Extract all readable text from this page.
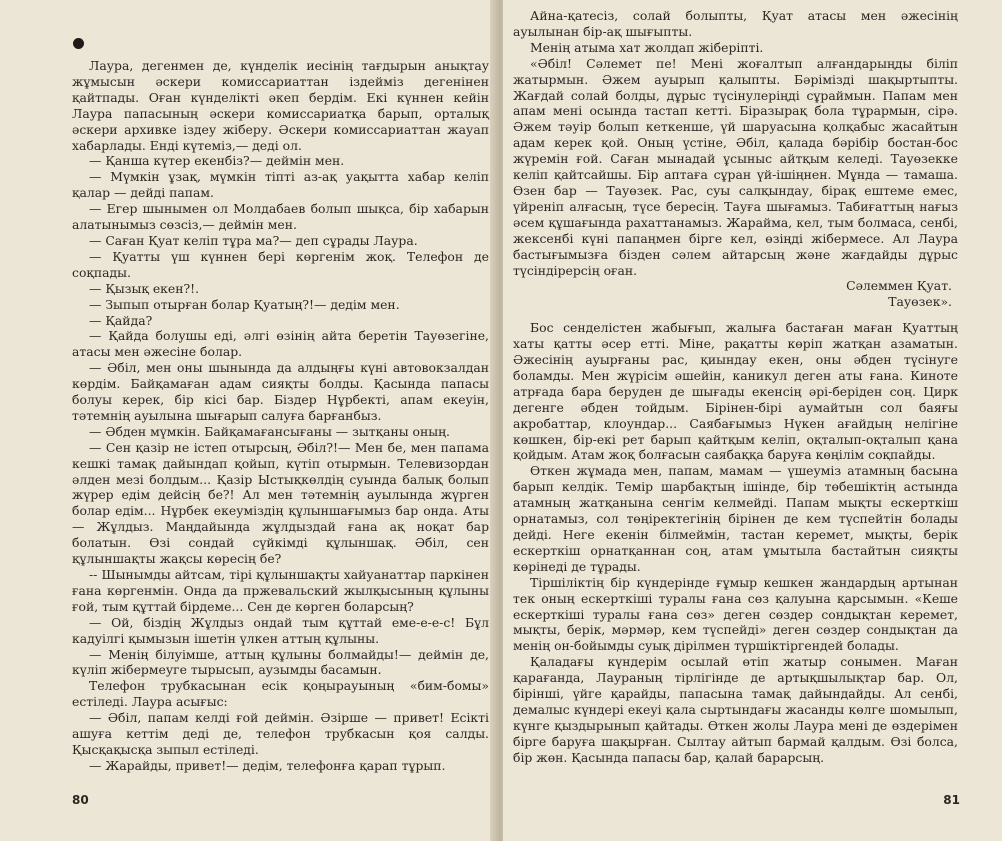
Лаура, дегенмен де, күнделік иесінің тағдырын анықтау жұмысын әскери комиссариаттан іздейміз дегенінен қайтпады. Оған күнделікті әкеп бердім. Екі күннен кейін Лаура папасының әскери комиссариатқа барып, орталық әскери архивке іздеу жіберу. Әскери комиссариаттан жауап хабарлады. Енді күтеміз,— деді ол.

— Қанша күтер екенбіз?— деймін мен.

— Мүмкін ұзақ, мүмкін тіпті аз-ақ уақытта хабар келіп қалар — дейді папам.

— Егер шынымен ол Молдабаев болып шықса, бір хабарын алатынымыз сөзсіз,— деймін мен.

— Саған Қуат келіп тұра ма?— деп сұрады Лаура.

— Қуатты үш күннен бері көргенім жоқ. Телефон де соқпады.

— Қызық екен?!.

— Зыпып отырған болар Қуатың?!— дедім мен.

— Қайда?

— Қайда болушы еді, әлгі өзінің айта беретін Тауөзегіне, атасы мен әжесіне болар.

— Әбіл, мен оны шынында да алдыңғы күні автовокзалдан көрдім. Байқамаған адам сияқты болды. Қасында папасы болуы керек, бір кісі бар. Біздер Нұрбекті, апам екеуін, тәтемнің ауылына шығарып салуға барғанбыз.

— Әбден мүмкін. Байқамағансығаны — зытқаны оның.

— Сен қазір не істеп отырсың, Әбіл?!— Мен бе, мен папама кешкі тамақ дайындап қойып, күтіп отырмын. Телевизордан әлден мезі болдым... Қазір Ыстықкөлдің суында балық болып жүрер едім дейсің бе?! Ал мен тәтемнің ауылында жүрген болар едім... Нұрбек екеуміздің құлыншағымыз бар онда. Аты — Жұлдыз. Маңдайында жұлдыздай ғана ақ ноқат бар болатын. Өзі сондай сүйкімді құлыншақ. Әбіл, сен құлыншақты жақсы көресің бе?

-- Шынымды айтсам, тірі құлыншақты хайуанаттар паркінен ғана көргенмін. Онда да пржевальский жылқысының құлыны ғой, тым құттай бірдеме... Сен де көрген боларсың?

— Ой, біздің Жұлдыз ондай тым құттай еме-е-е-с! Бұл кадуілгі қымызын ішетін үлкен аттың құлыны.

— Менің білуімше, аттың құлыны болмайды!— деймін де, күліп жібермеуге тырысып, аузымды басамын.

Телефон трубкасынан есік қоңырауының «бим-бомы» естіледі. Лаура асығыс:

— Әбіл, папам келді ғой деймін. Әзірше — привет! Есікті ашуға кеттім деді де, телефон трубкасын қоя салды. Қысқақысқа зыпыл естіледі.

— Жарайды, привет!— дедім, телефонға қарап тұрып.

80

Айна-қатесіз, солай болыпты, Қуат атасы мен әжесінің ауылынан бір-ақ шығыпты.

Менің атыма хат жолдап жіберіпті.

«Әбіл! Сәлемет пе! Мені жоғалтып алғандарыңды біліп жатырмын. Әжем ауырып қалыпты. Бәрімізді шақыртыпты. Жағдай солай болды, дұрыс түсінулеріңді сұраймын. Папам мен апам мені осында тастап кетті. Біразырақ бола тұрармын, сірә. Әжем тәуір болып кеткенше, үй шаруасына қолқабыс жасайтын адам керек қой. Оның үстіне, Әбіл, қалада бәрібір бостан-бос жүремін ғой. Саған мынадай ұсыныс айтқым келеді. Тауөзекке келіп қайтсайшы. Бір аптаға сұран үй-ішіңнен. Мұнда — тамаша. Өзен бар — Тауөзек. Рас, суы салқындау, бірақ ештеме емес, үйреніп алғасың, түсе бересің. Тауға шығамыз. Табиғаттың нағыз әсем құшағында рахаттанамыз. Жарайма, кел, тым болмаса, сенбі, жексенбі күні папаңмен бірге кел, өзіңді жібермесе. Ал Лаура бастығымызға бізден сәлем айтарсың және жағдайды дұрыс түсіндірерсің оған.

Сәлеммен Қуат.

Тауөзек».

Бос сенделістен жабығып, жалыға бастаған маған Қуаттың хаты қатты әсер етті. Міне, рақатты көріп жатқан азаматын. Әжесінің ауырғаны рас, қиындау екен, оны әбден түсінуге боламды. Мен жүрісім әшейін, каникул деген аты ғана. Киноте атрғада бара беруден де шығады екенсің әрі-беріден соң. Цирк дегенге әбден тойдым. Бірінен-бірі аумайтын сол баяғы акробаттар, клоундар... Саябағымыз Нүкен ағайдың нелігіне көшкен, бір-екі рет барып қайтқым келіп, оқталып-оқталып қана қойдым. Атам жоқ болғасын саябаққа баруға көңілім соқпайды.

Өткен жұмада мен, папам, мамам — үшеуміз атамның басына барып келдік. Темір шарбақтың ішінде, бір төбешіктің астында атамның жатқанына сенгім келмейді. Папам мықты ескерткіш орнатамыз, сол төңіректегінің бірінен де кем түспейтін болады дейді. Неге екенін білмеймін, тастан керемет, мықты, берік ескерткіш орнатқаннан соң, атам ұмытыла бастайтын сияқты көрінеді де тұрады.

Тіршіліктің бір күндерінде ғұмыр кешкен жандардың артынан тек оның ескерткіші туралы ғана сөз қалуына қарсымын. «Кеше ескерткіші туралы ғана сөз» деген сөздер сондықтан керемет, мықты, берік, мәрмәр, кем түспейді» деген сөздер сондықтан да менің он-бойымды суық дірілмен түршіктіргендей болады.

Қаладағы күндерім осылай өтіп жатыр сонымен. Маған қарағанда, Лаураның тірлігінде де артықшылықтар бар. Ол, бірінші, үйге қарайды, папасына тамақ дайындайды. Ал сенбі, демалыс күндері екеуі қала сыртындағы жасанды көлге шомылып, күнге қыздырынып қайтады. Өткен жолы Лаура мені де өздерімен бірге баруға шақырған. Сылтау айтып бармай қалдым. Өзі болса, бір жөн. Қасында папасы бар, қалай барарсың.

81
